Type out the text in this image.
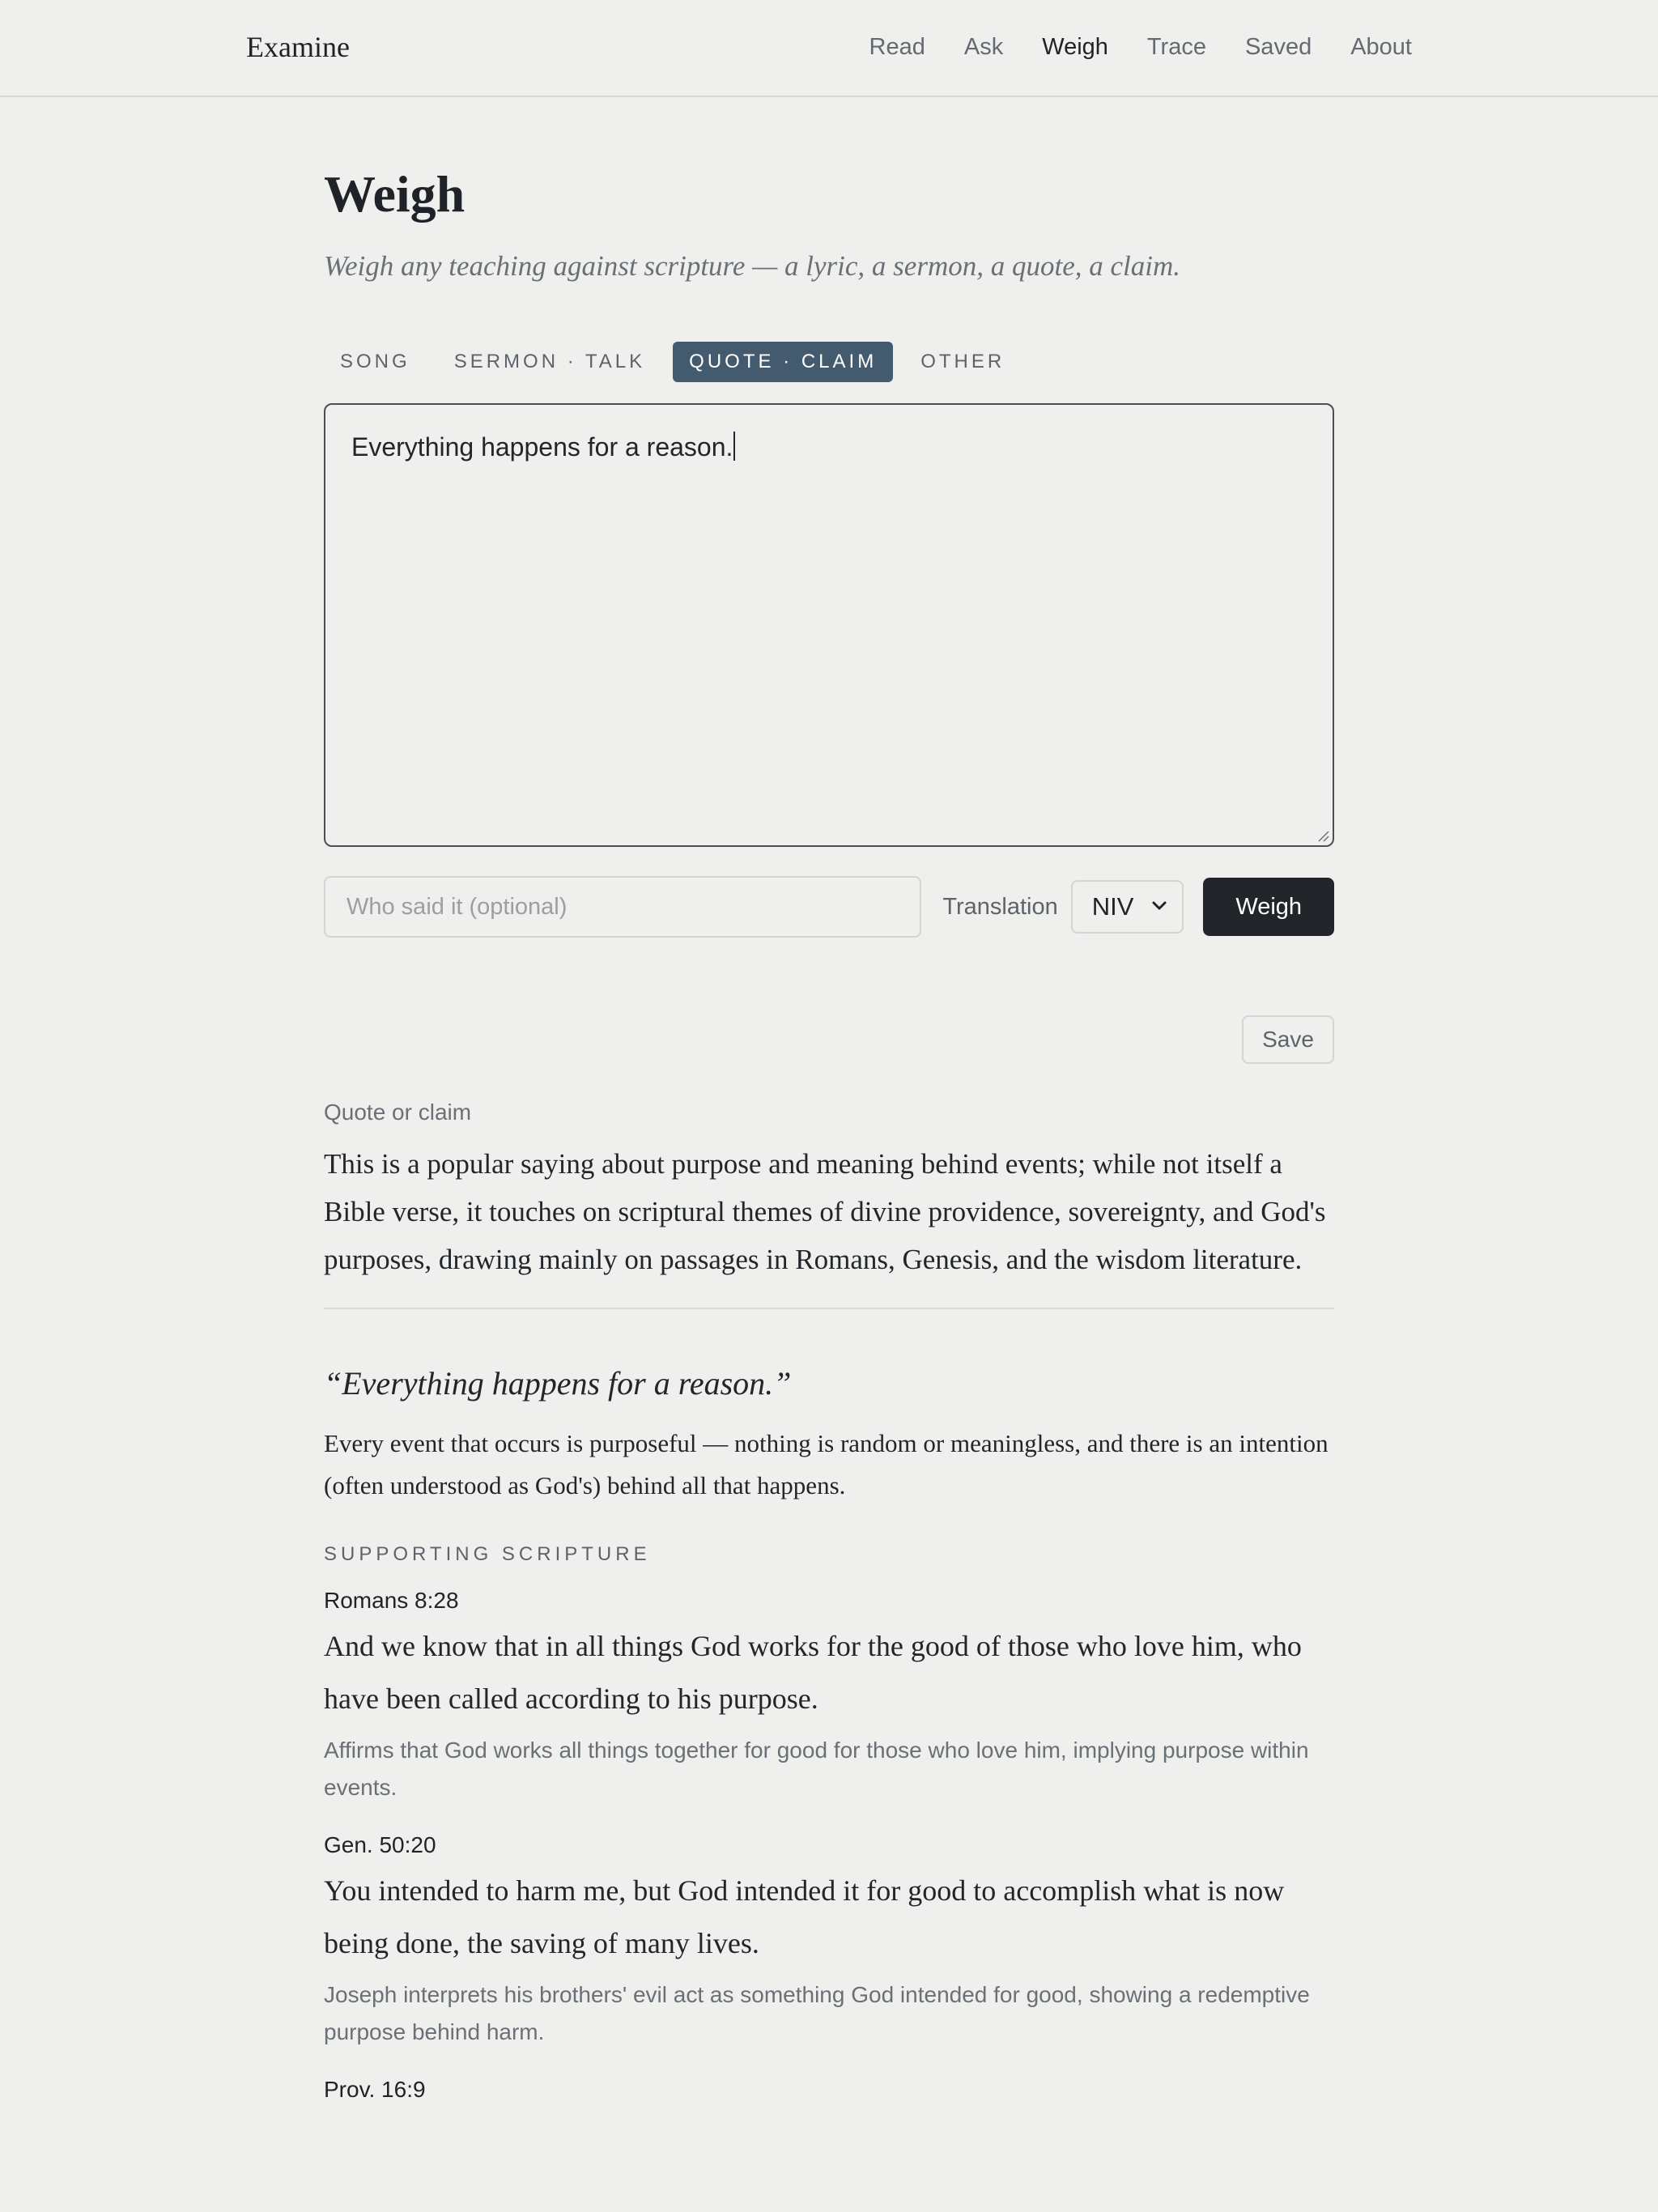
Examine	Read Ask Weigh Trace Saved About
Weigh
Weigh any teaching against scripture — a lyric, a sermon, a quote, a claim.
SONG	SERMON · TALK	QUOTE · CLAIM	OTHER
Everything happens for a reason.
Who said it (optional)
Translation NIV	Weigh
Save
Quote or claim
This is a popular saying about purpose and meaning behind events; while not itself a Bible verse, it touches on scriptural themes of divine providence, sovereignty, and God's purposes, drawing mainly on passages in Romans, Genesis, and the wisdom literature.
“Everything happens for a reason.”
Every event that occurs is purposeful — nothing is random or meaningless, and there is an intention (often understood as God's) behind all that happens.
SUPPORTING SCRIPTURE
Romans 8:28
And we know that in all things God works for the good of those who love him, who have been called according to his purpose.
Affirms that God works all things together for good for those who love him, implying purpose within events.
Gen. 50:20
You intended to harm me, but God intended it for good to accomplish what is now being done, the saving of many lives.
Joseph interprets his brothers' evil act as something God intended for good, showing a redemptive purpose behind harm.
Prov. 16:9
